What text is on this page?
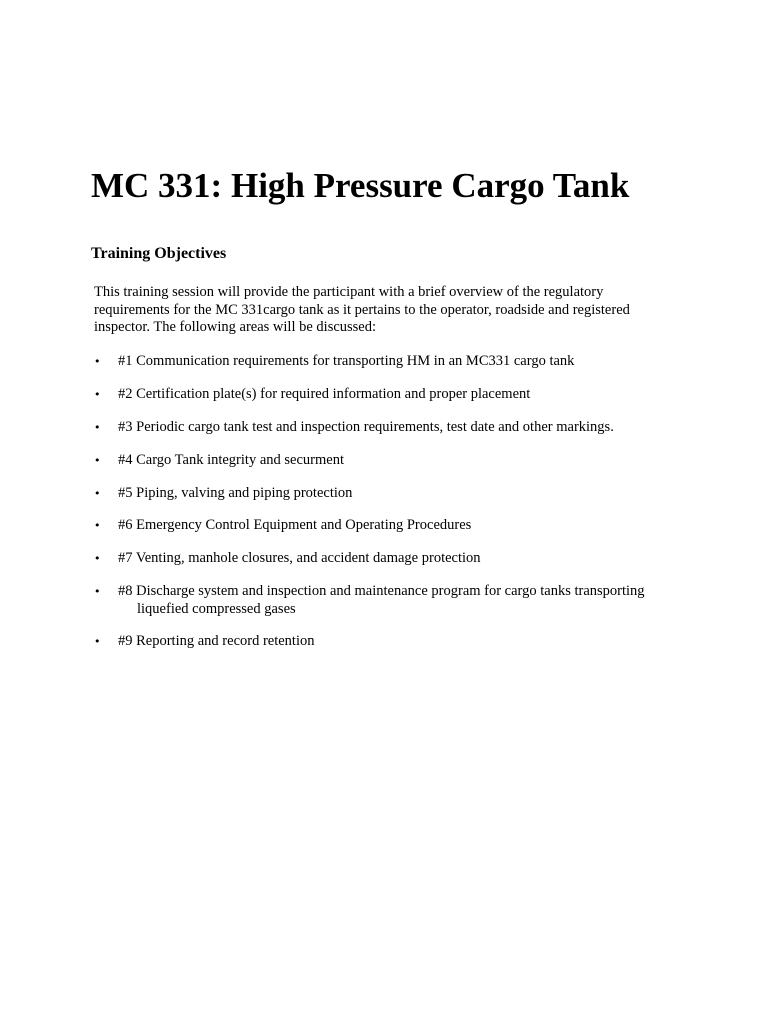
MC 331: High Pressure Cargo Tank
Training Objectives

This training session will provide the participant with a brief overview of the regulatory
requirements for the MC 331cargo tank as it pertains to the operator, roadside and registered
inspector. The following areas will be discussed:

• #1 Communication requirements for transporting HM in an MC331 cargo tank
• #2 Certification plate(s) for required information and proper placement
• #3 Periodic cargo tank test and inspection requirements, test date and other markings.
• #4 Cargo Tank integrity and securment
• #5 Piping, valving and piping protection
• #6 Emergency Control Equipment and Operating Procedures
• #7 Venting, manhole closures, and accident damage protection
• #8 Discharge system and inspection and maintenance program for cargo tanks transporting
liquefied compressed gases
• #9 Reporting and record retention
